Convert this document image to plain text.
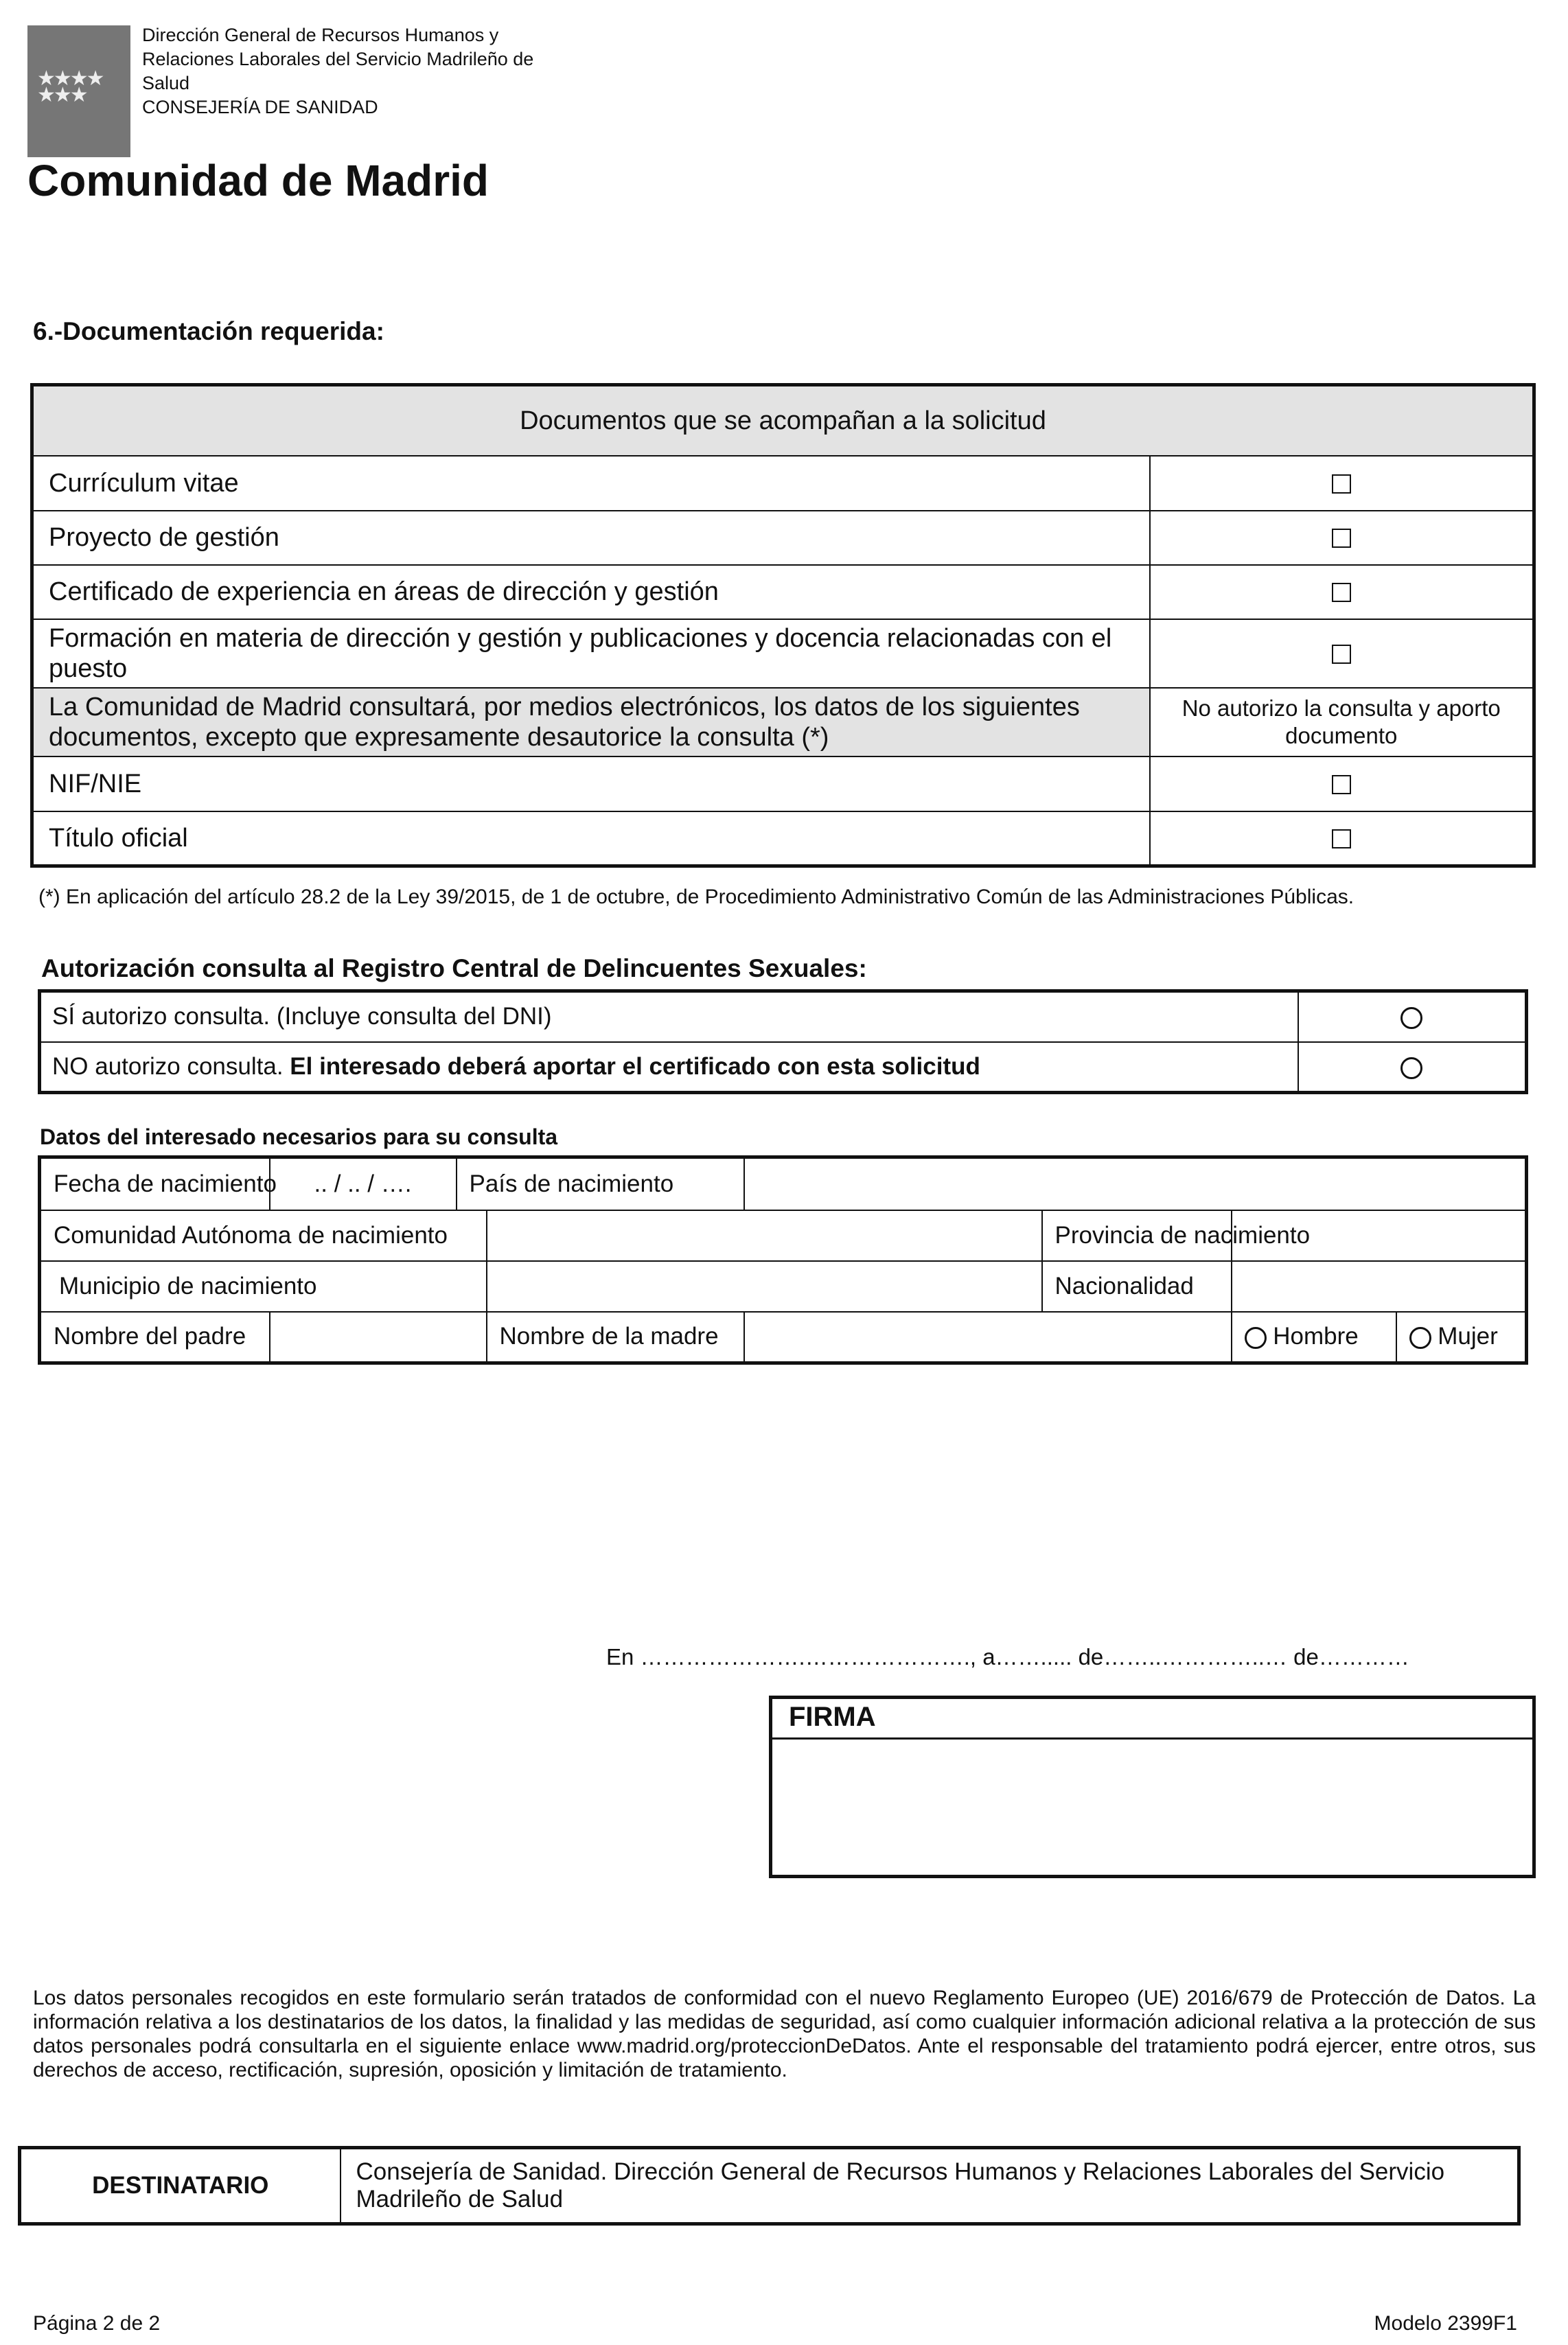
★★★★ ★★★
Dirección General de Recursos Humanos y
Relaciones Laborales del Servicio Madrileño de
Salud
CONSEJERÍA DE SANIDAD
Comunidad de Madrid
6.-Documentación requerida:
Documentos que se acompañan a la solicitud	
Currículum vitae	
Proyecto de gestión	
Certificado de experiencia en áreas de dirección y gestión	
Formación en materia de dirección y gestión y publicaciones y docencia relacionadas con el puesto	
La Comunidad de Madrid consultará, por medios electrónicos, los datos de los siguientes documentos, excepto que expresamente desautorice la consulta (*)	No autorizo la consulta y aporto documento
NIF/NIE	
Título oficial	
(*) En aplicación del artículo 28.2 de la Ley 39/2015, de 1 de octubre, de Procedimiento Administrativo Común de las Administraciones Públicas.
Autorización consulta al Registro Central de Delincuentes Sexuales:
SÍ autorizo consulta. (Incluye consulta del DNI)	
NO autorizo consulta. El interesado deberá aportar el certificado con esta solicitud	
Datos del interesado necesarios para su consulta
Fecha de nacimiento	.. / .. / ….	País de nacimiento

Comunidad Autónoma de nacimiento		Provincia de nacimiento	
Municipio de nacimiento		Nacionalidad	
Nombre del padre		Nombre de la madre		Hombre	Mujer
En ………………….…………………., a……..... de……..…………..… de…………
FIRMA
Los datos personales recogidos en este formulario serán tratados de conformidad con el nuevo Reglamento Europeo (UE) 2016/679 de Protección de Datos. La información relativa a los destinatarios de los datos, la finalidad y las medidas de seguridad, así como cualquier información adicional relativa a la protección de sus datos personales podrá consultarla en el siguiente enlace www.madrid.org/proteccionDeDatos. Ante el responsable del tratamiento podrá ejercer, entre otros, sus derechos de acceso, rectificación, supresión, oposición y limitación de tratamiento.
DESTINATARIO	Consejería de Sanidad. Dirección General de Recursos Humanos y Relaciones Laborales del Servicio Madrileño de Salud
Página 2 de 2	Modelo 2399F1
